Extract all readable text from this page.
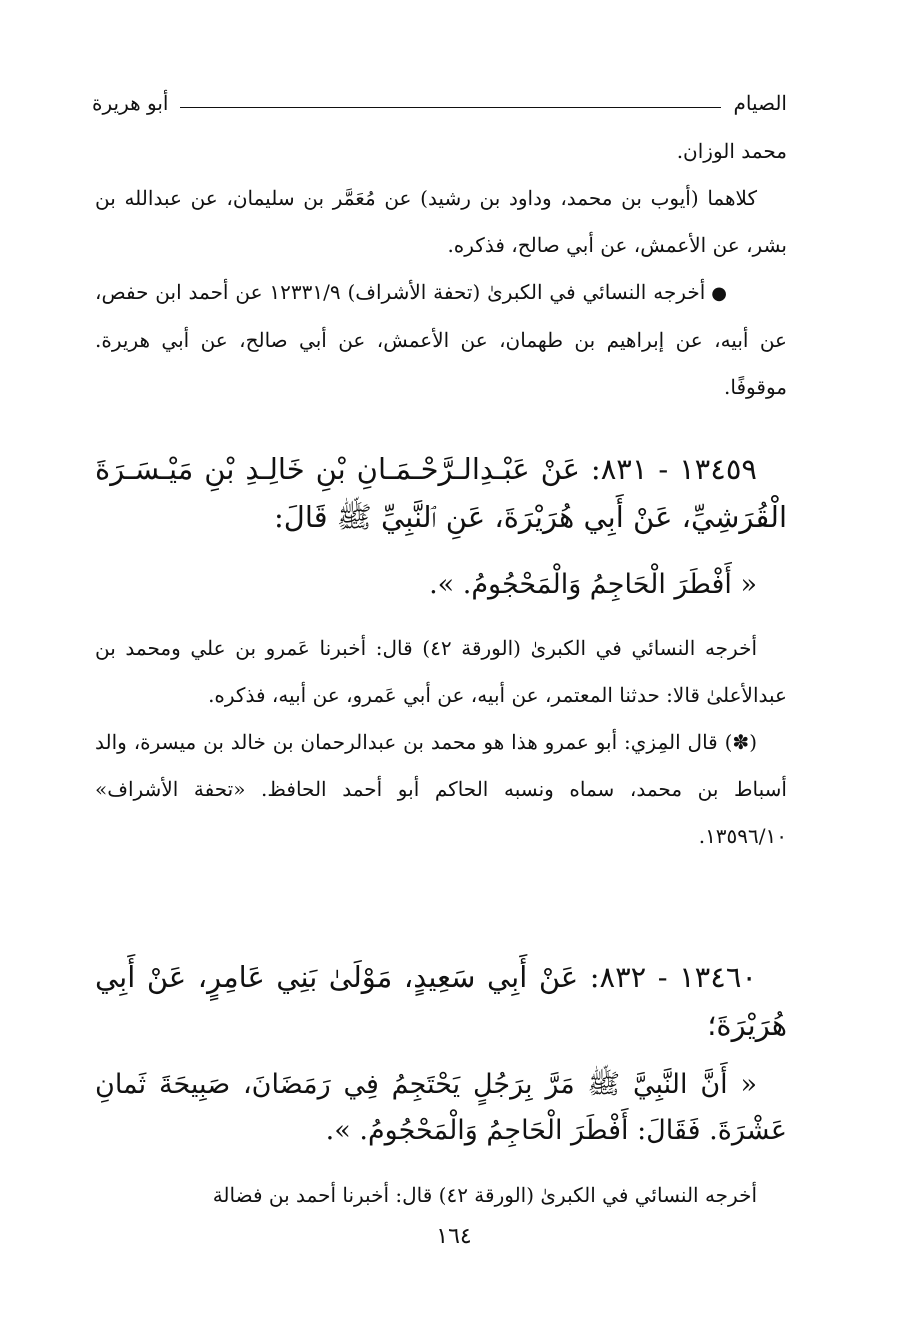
الصيام
أبو هريرة

محمد الوزان.

كلاهما (أيوب بن محمد، وداود بن رشيد) عن مُعَمَّر بن سليمان، عن عبدالله بن بشر، عن الأعمش، عن أبي صالح، فذكره.

●أخرجه النسائي في الكبرىٰ (تحفة الأشراف) ١٢٣٣١/٩ عن أحمد ابن حفص، عن أبيه، عن إبراهيم بن طهمان، عن الأعمش، عن أبي صالح، عن أبي هريرة. موقوفًا.

١٣٤٥٩ - ٨٣١: عَنْ عَبْـدِالـرَّحْـمَـانِ بْنِ خَالِـدِ بْنِ مَيْـسَـرَةَ الْقُرَشِيِّ، عَنْ أَبِي هُرَيْرَةَ، عَنِ ٱلنَّبِيِّ ﷺ قَالَ:

« أَفْطَرَ الْحَاجِمُ وَالْمَحْجُومُ. ».

أخرجه النسائي في الكبرىٰ (الورقة ٤٢) قال: أخبرنا عَمرو بن علي ومحمد بن عبدالأعلىٰ قالا: حدثنا المعتمر، عن أبيه، عن أبي عَمرو، عن أبيه، فذكره.

(✽) قال المِزي: أبو عمرو هذا هو محمد بن عبدالرحمان بن خالد بن ميسرة، والد أسباط بن محمد، سماه ونسبه الحاكم أبو أحمد الحافظ. «تحفة الأشراف» ١٣٥٩٦/١٠.

١٣٤٦٠ - ٨٣٢: عَنْ أَبِي سَعِيدٍ، مَوْلَىٰ بَنِي عَامِرٍ، عَنْ أَبِي هُرَيْرَةَ؛

« أَنَّ النَّبِيَّ ﷺ مَرَّ بِرَجُلٍ يَحْتَجِمُ فِي رَمَضَانَ، صَبِيحَةَ ثَمانِ عَشْرَةَ. فَقَالَ: أَفْطَرَ الْحَاجِمُ وَالْمَحْجُومُ. ».

أخرجه النسائي في الكبرىٰ (الورقة ٤٢) قال: أخبرنا أحمد بن فضالة

١٦٤
